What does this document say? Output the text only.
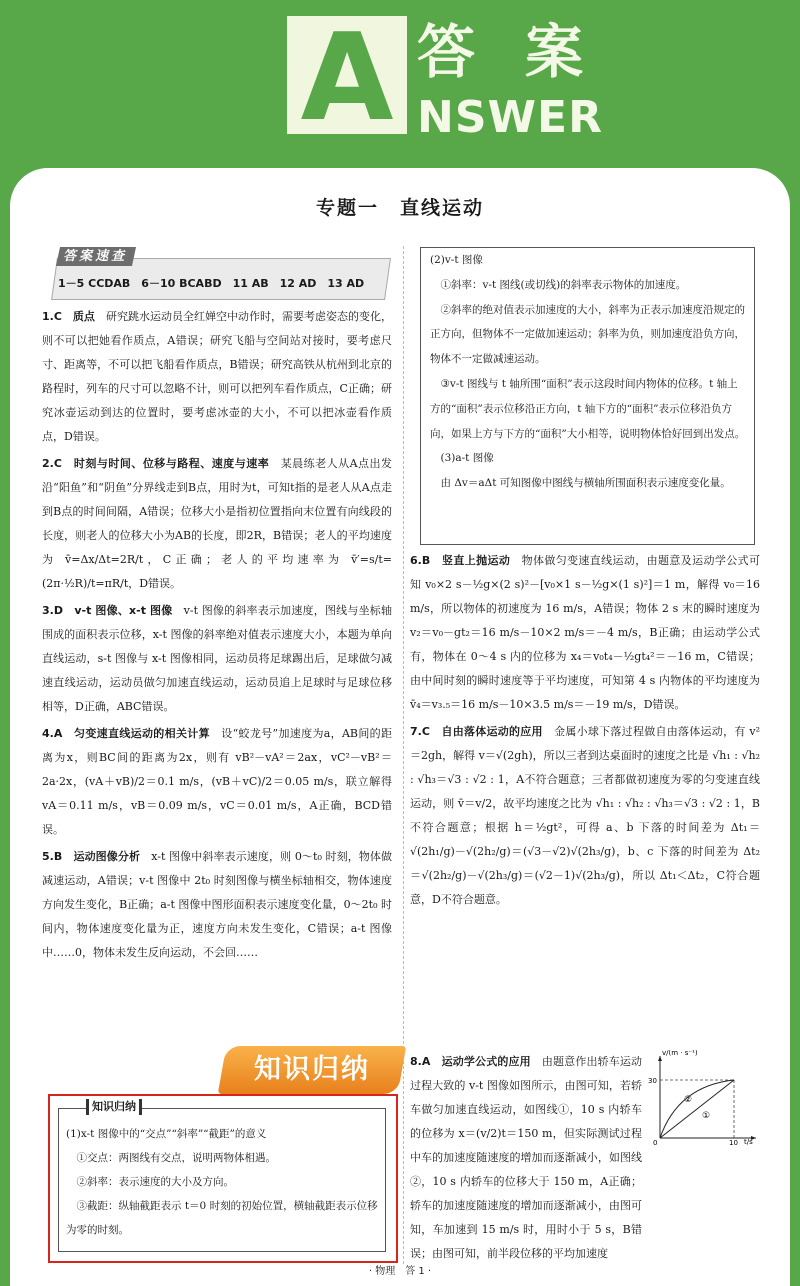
A 答案
NSWER
专题一　直线运动
答案速查
1－5 CCDAB　6－10 BCABD　11 AB　12 AD　13 AD

1.C　 质点　 研究跳水运动员全红婵空中动作时，需要考虑姿态的变化，则不可以把她看作质点，A错误；研究飞船与空间站对接时，要考虑尺寸、距离等，不可以把飞船看作质点，B错误；研究高铁从杭州到北京的路程时，列车的尺寸可以忽略不计，则可以把列车看作质点，C正确；研究冰壶运动到达的位置时，要考虑冰壶的大小，不可以把冰壶看作质点，D错误。

2.C　 时刻与时间、位移与路程、速度与速率　 某晨练老人从A点出发沿“阳鱼”和“阴鱼”分界线走到B点，用时为t，可知t指的是老人从A点走到B点的时间间隔，A错误；位移大小是指初位置指向末位置有向线段的长度，则老人的位移大小为AB的长度，即2R，B错误；老人的平均速度为 v̄=Δx/Δt=2R/t，C正确；老人的平均速率为 v̄′=s/t=(2π·½R)/t=πR/t，D错误。

3.D　 v-t 图像、x-t 图像　 v-t 图像的斜率表示加速度，图线与坐标轴围成的面积表示位移，x-t 图像的斜率绝对值表示速度大小，本题为单向直线运动，s-t 图像与 x-t 图像相同，运动员将足球踢出后，足球做匀减速直线运动，运动员做匀加速直线运动，运动员追上足球时与足球位移相等，D正确，ABC错误。

4.A　 匀变速直线运动的相关计算　 设“蛟龙号”加速度为a，AB间的距离为x，则BC间的距离为2x，则有 vB²－vA²＝2ax，vC²－vB²＝2a·2x，(vA＋vB)/2＝0.1 m/s，(vB＋vC)/2＝0.05 m/s，联立解得 vA＝0.11 m/s，vB＝0.09 m/s，vC＝0.01 m/s，A正确，BCD错误。

5.B　 运动图像分析　 x-t 图像中斜率表示速度，则 0～t₀ 时刻，物体做减速运动，A错误；v-t 图像中 2t₀ 时刻图像与横坐标轴相交，物体速度方向发生变化，B正确；a-t 图像中图形面积表示速度变化量，0～2t₀ 时间内，物体速度变化量为正，速度方向未发生变化，C错误；a-t 图像中……0，物体未发生反向运动，不会回……

知识归纳
知识归纳
(1)x-t 图像中的“交点”“斜率”“截距”的意义
①交点：两图线有交点，说明两物体相遇。
②斜率：表示速度的大小及方向。
③截距：纵轴截距表示 t＝0 时刻的初始位置，横轴截距表示位移为零的时刻。
(2)v-t 图像
①斜率：v-t 图线(或切线)的斜率表示物体的加速度。
②斜率的绝对值表示加速度的大小，斜率为正表示加速度沿规定的正方向，但物体不一定做加速运动；斜率为负，则加速度沿负方向，物体不一定做减速运动。
③v-t 图线与 t 轴所围“面积”表示这段时间内物体的位移。t 轴上方的“面积”表示位移沿正方向，t 轴下方的“面积”表示位移沿负方向，如果上方与下方的“面积”大小相等，说明物体恰好回到出发点。
(3)a-t 图像
由 Δv＝aΔt 可知图像中图线与横轴所围面积表示速度变化量。

6.B　 竖直上抛运动　 物体做匀变速直线运动，由题意及运动学公式可知 v₀×2 s－½g×(2 s)²－[v₀×1 s－½g×(1 s)²]＝1 m，解得 v₀＝16 m/s，所以物体的初速度为 16 m/s，A错误；物体 2 s 末的瞬时速度为 v₂＝v₀－gt₂＝16 m/s－10×2 m/s＝－4 m/s，B正确；由运动学公式有，物体在 0～4 s 内的位移为 x₄＝v₀t₄－½gt₄²＝－16 m，C错误；由中间时刻的瞬时速度等于平均速度，可知第 4 s 内物体的平均速度为 v̄₄＝v₃.₅＝16 m/s－10×3.5 m/s＝－19 m/s，D错误。

7.C　 自由落体运动的应用　 金属小球下落过程做自由落体运动，有 v²＝2gh，解得 v＝√(2gh)，所以三者到达桌面时的速度之比是 √h₁ : √h₂ : √h₃＝√3 : √2 : 1，A不符合题意；三者都做初速度为零的匀变速直线运动，则 v̄＝v/2，故平均速度之比为 √h₁ : √h₂ : √h₃＝√3 : √2 : 1，B不符合题意；根据 h＝½gt²，可得 a、b 下落的时间差为 Δt₁＝√(2h₁/g)－√(2h₂/g)＝(√3－√2)√(2h₃/g)，b、c 下落的时间差为 Δt₂＝√(2h₂/g)－√(2h₃/g)＝(√2－1)√(2h₃/g)，所以 Δt₁＜Δt₂，C符合题意，D不符合题意。

8.A　 运动学公式的应用　 由题意作出轿车运动过程大致的 v-t 图像如图所示，由图可知，若轿车做匀加速直线运动，如图线①，10 s 内轿车的位移为 x＝(v/2)t＝150 m，但实际测试过程中车的加速度随速度的增加而逐渐减小，如图线②，10 s 内轿车的位移大于 150 m，A正确；轿车的加速度随速度的增加而逐渐减小，由图可知，车加速到 15 m/s 时，用时小于 5 s，B错误；由图可知，前半段位移的平均加速度

v/(m · s⁻¹)
t/s
30
10
0
①
②
· 物理　答 1 ·
